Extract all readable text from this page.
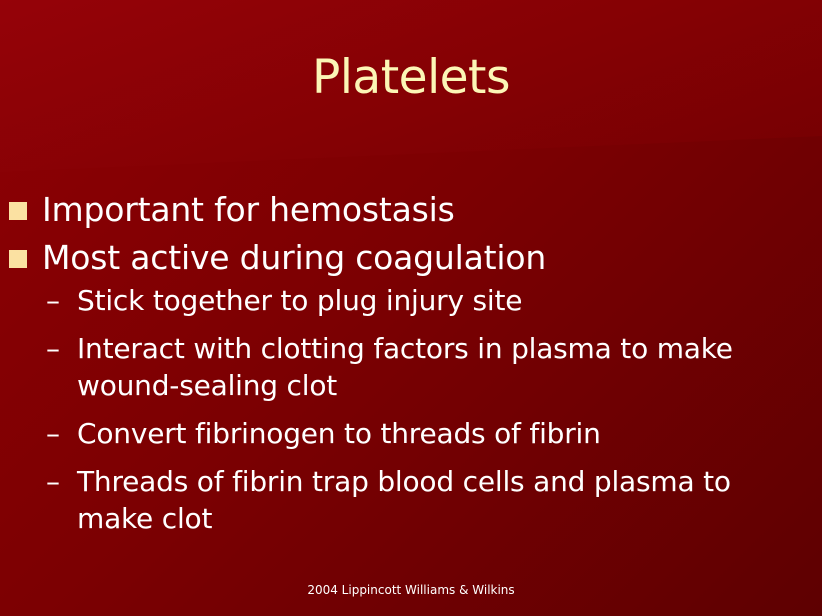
Platelets
Important for hemostasis
Most active during coagulation
– Stick together to plug injury site
– Interact with clotting factors in plasma to make wound-sealing clot
– Convert fibrinogen to threads of fibrin
– Threads of fibrin trap blood cells and plasma to make clot
2004 Lippincott Williams & Wilkins
